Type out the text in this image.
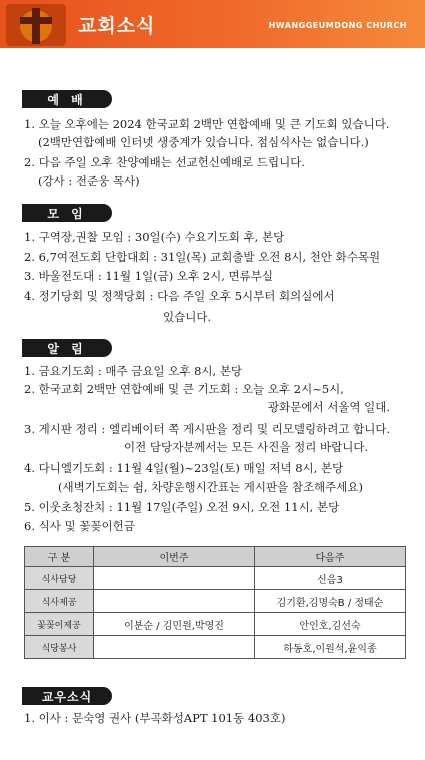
교회소식	HWANGGEUMDONG CHURCH
예 배
1. 오늘 오후에는 2024 한국교회 2백만 연합예배 및 큰 기도회 있습니다.
(2백만연합예배 인터넷 생중계가 있습니다. 점심식사는 없습니다.)
2. 다음 주일 오후 찬양예배는 선교헌신예배로 드립니다.
(강사 : 전준웅 목사)
모 임
1. 구역장,권찰 모임 : 30일(수) 수요기도회 후, 본당
2. 6,7여전도회 단합대회 : 31일(목) 교회출발 오전 8시, 천안 화수목원
3. 바울전도대 : 11월 1일(금) 오후 2시, 면류부실
4. 정기당회 및 정책당회 : 다음 주일 오후 5시부터 회의실에서
있습니다.
알 림
1. 금요기도회 : 매주 금요일 오후 8시, 본당
2. 한국교회 2백만 연합예배 및 큰 기도회 : 오늘 오후 2시~5시,
광화문에서 서울역 일대.
3. 게시판 정리 : 엘리베이터 쪽 게시판을 정리 및 리모델링하려고 합니다.
이전 담당자분께서는 모든 사진을 정리 바랍니다.
4. 다니엘기도회 : 11월 4일(월)~23일(토) 매일 저녁 8시, 본당
(새벽기도회는 쉼, 차량운행시간표는 게시판을 참조해주세요)
5. 이웃초청잔치 : 11월 17일(주일) 오전 9시, 오전 11시, 본당
6. 식사 및 꽃꽂이헌금
구 분	이번주	다음주
식사담당		신음3
식사제공		김기환,김명숙B / 정태순
꽃꽂이제공	이분순 / 김민원,박영진	안인호,김선숙
식당봉사		하동호,이원석,윤익종
교우소식
1. 이사 : 문숙영 권사 (부곡화성APT 101동 403호)
